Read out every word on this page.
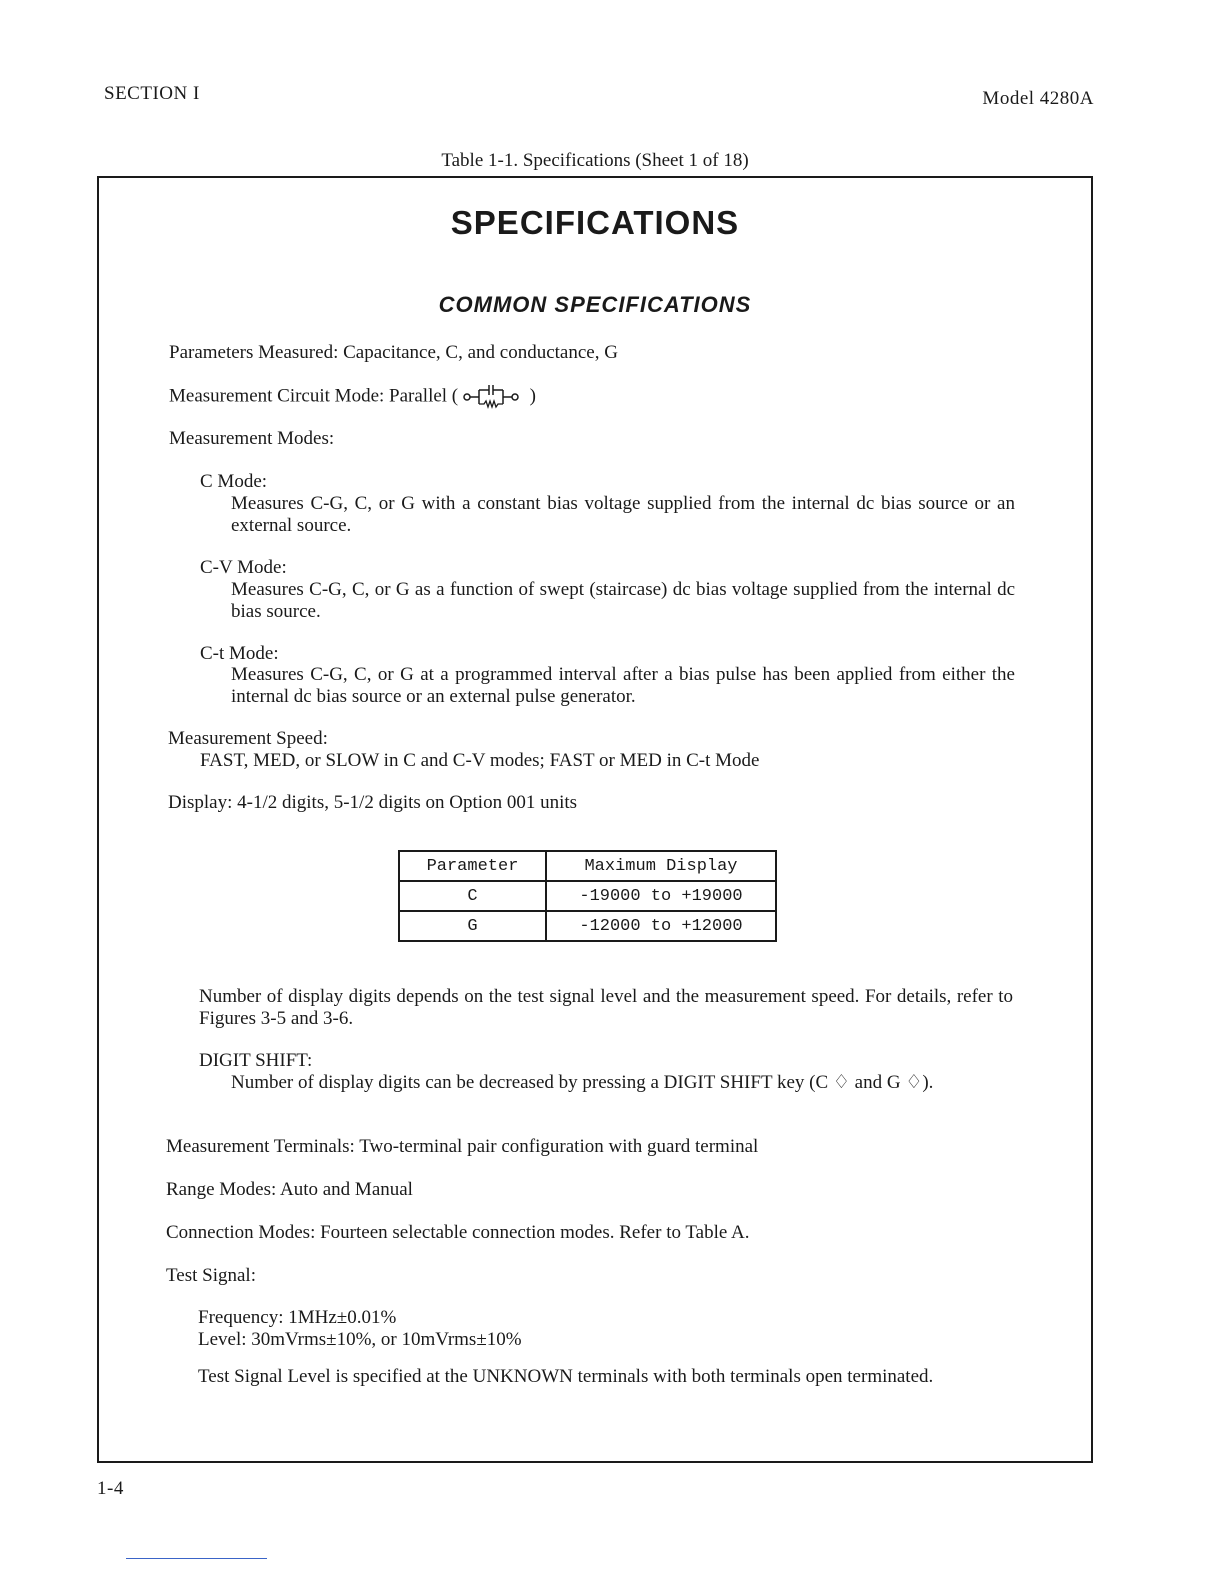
SECTION I	Model 4280A
Table 1-1. Specifications (Sheet 1 of 18)
SPECIFICATIONS
COMMON SPECIFICATIONS
Parameters Measured: Capacitance, C, and conductance, G
Measurement Circuit Mode: Parallel (	)
Measurement Modes:
C Mode:
Measures C-G, C, or G with a constant bias voltage supplied from the internal dc bias source or an external source.
C-V Mode:
Measures C-G, C, or G as a function of swept (staircase) dc bias voltage supplied from the internal dc bias source.
C-t Mode:
Measures C-G, C, or G at a programmed interval after a bias pulse has been applied from either the internal dc bias source or an external pulse generator.
Measurement Speed:
FAST, MED, or SLOW in C and C-V modes; FAST or MED in C-t Mode
Display: 4-1/2 digits, 5-1/2 digits on Option 001 units
Parameter	Maximum Display
C	-19000 to +19000
G	-12000 to +12000
Number of display digits depends on the test signal level and the measurement speed. For details, refer to Figures 3-5 and 3-6.
DIGIT SHIFT:
Number of display digits can be decreased by pressing a DIGIT SHIFT key (C ♢ and G ♢).
Measurement Terminals: Two-terminal pair configuration with guard terminal
Range Modes: Auto and Manual
Connection Modes: Fourteen selectable connection modes. Refer to Table A.
Test Signal:
Frequency: 1MHz±0.01%
Level: 30mVrms±10%, or 10mVrms±10%
Test Signal Level is specified at the UNKNOWN terminals with both terminals open terminated.
1-4
